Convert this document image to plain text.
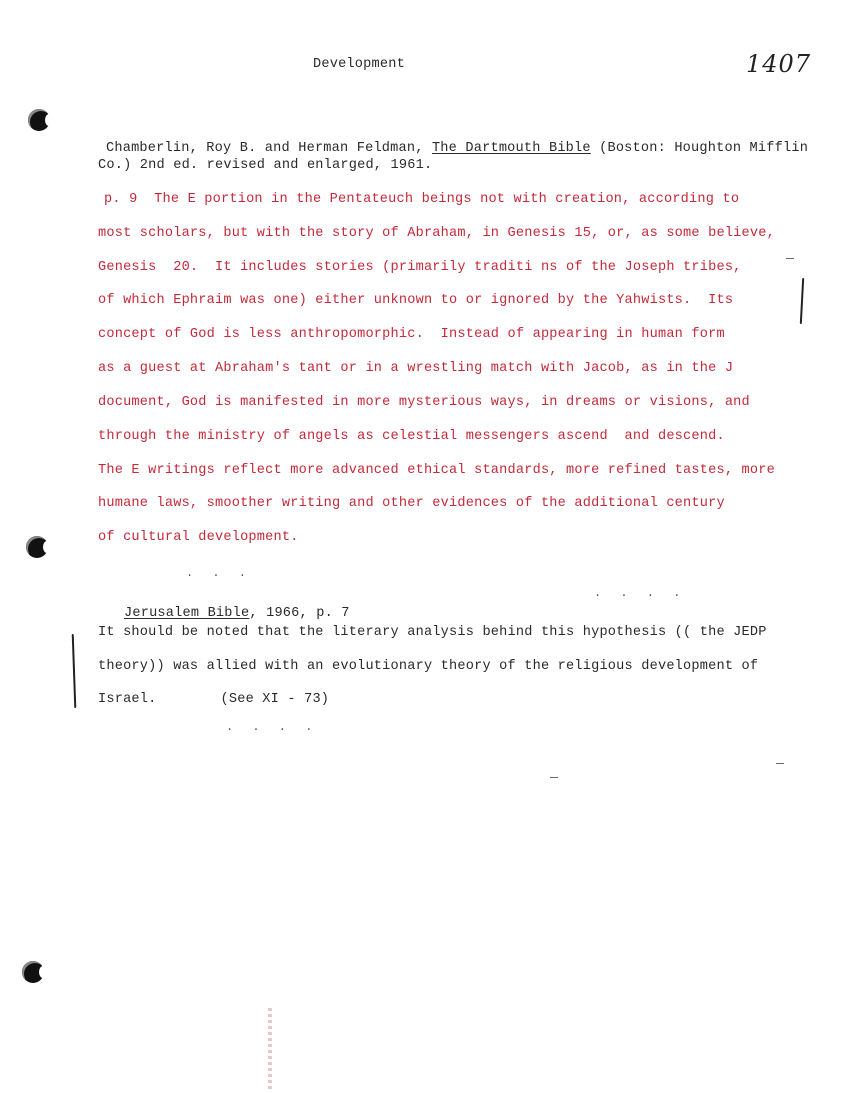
Development	1407
Chamberlin, Roy B. and Herman Feldman, The Dartmouth Bible (Boston: Houghton Mifflin
Co.) 2nd ed. revised and enlarged, 1961.
p. 9  The E portion in the Pentateuch beings not with creation, according to
most scholars, but with the story of Abraham, in Genesis 15, or, as some believe,
Genesis  20.  It includes stories (primarily traditi ns of the Joseph tribes,
of which Ephraim was one) either unknown to or ignored by the Yahwists.  Its
concept of God is less anthropomorphic.  Instead of appearing in human form
as a guest at Abraham's tant or in a wrestling match with Jacob, as in the J
document, God is manifested in more mysterious ways, in dreams or visions, and
through the ministry of angels as celestial messengers ascend  and descend.
The E writings reflect more advanced ethical standards, more refined tastes, more
humane laws, smoother writing and other evidences of the additional century
of cultural development.
. . .
. . . .
Jerusalem Bible, 1966, p. 7
It should be noted that the literary analysis behind this hypothesis (( the JEDP
theory)) was allied with an evolutionary theory of the religious development of
Israel.	(See XI - 73)
. . . .
